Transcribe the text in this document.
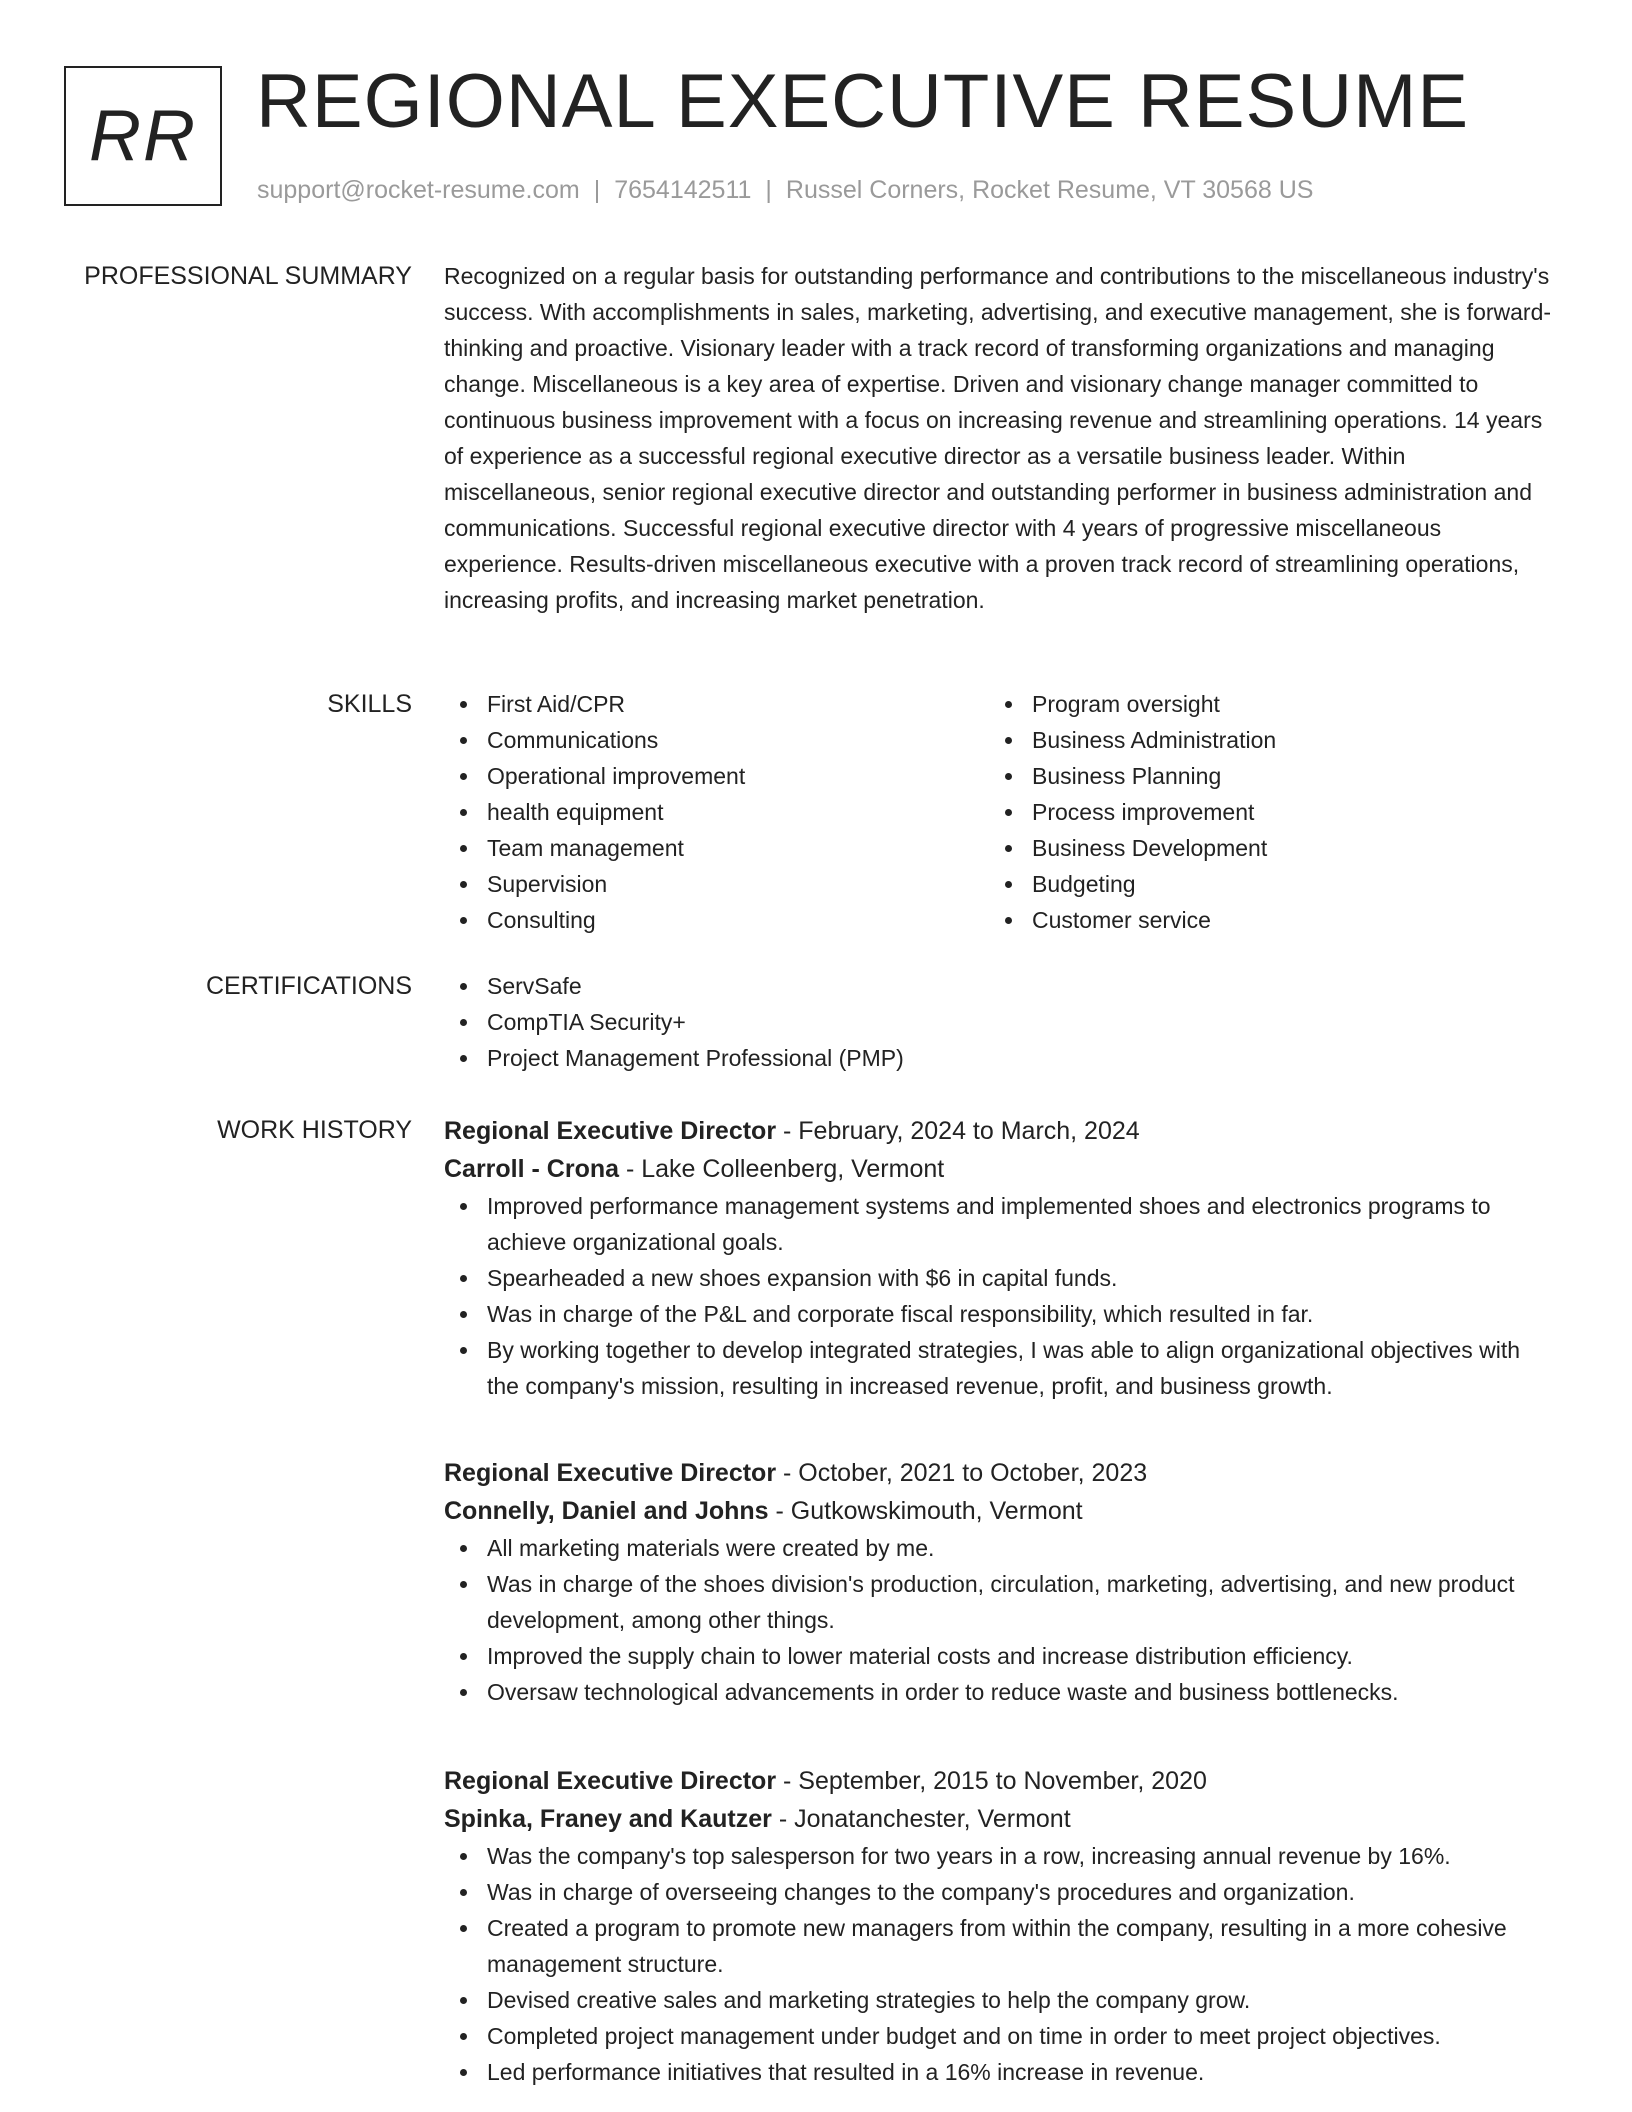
RR REGIONAL EXECUTIVE RESUME
support@rocket-resume.com | 7654142511 | Russel Corners, Rocket Resume, VT 30568 US
PROFESSIONAL SUMMARY Recognized on a regular basis for outstanding performance and contributions to the miscellaneous industry's success. With accomplishments in sales, marketing, advertising, and executive management, she is forward-thinking and proactive. Visionary leader with a track record of transforming organizations and managing change. Miscellaneous is a key area of expertise. Driven and visionary change manager committed to continuous business improvement with a focus on increasing revenue and streamlining operations. 14 years of experience as a successful regional executive director as a versatile business leader. Within miscellaneous, senior regional executive director and outstanding performer in business administration and communications. Successful regional executive director with 4 years of progressive miscellaneous experience. Results-driven miscellaneous executive with a proven track record of streamlining operations, increasing profits, and increasing market penetration.

SKILLS	First Aid/CPR
Communications
Operational improvement
health equipment
Team management
Supervision
Consulting
Program oversight
Business Administration
Business Planning
Process improvement
Business Development
Budgeting
Customer service
CERTIFICATIONS	ServSafe
CompTIA Security+
Project Management Professional (PMP)
WORK HISTORY Regional Executive Director - February, 2024 to March, 2024
Carroll - Crona - Lake Colleenberg, Vermont
Improved performance management systems and implemented shoes and electronics programs to achieve organizational goals.
Spearheaded a new shoes expansion with $6 in capital funds.
Was in charge of the P&L and corporate fiscal responsibility, which resulted in far.
By working together to develop integrated strategies, I was able to align organizational objectives with the company's mission, resulting in increased revenue, profit, and business growth.
Regional Executive Director - October, 2021 to October, 2023
Connelly, Daniel and Johns - Gutkowskimouth, Vermont
All marketing materials were created by me.
Was in charge of the shoes division's production, circulation, marketing, advertising, and new product development, among other things.
Improved the supply chain to lower material costs and increase distribution efficiency.
Oversaw technological advancements in order to reduce waste and business bottlenecks.
Regional Executive Director - September, 2015 to November, 2020
Spinka, Franey and Kautzer - Jonatanchester, Vermont
Was the company's top salesperson for two years in a row, increasing annual revenue by 16%.
Was in charge of overseeing changes to the company's procedures and organization.
Created a program to promote new managers from within the company, resulting in a more cohesive management structure.
Devised creative sales and marketing strategies to help the company grow.
Completed project management under budget and on time in order to meet project objectives.
Led performance initiatives that resulted in a 16% increase in revenue.
